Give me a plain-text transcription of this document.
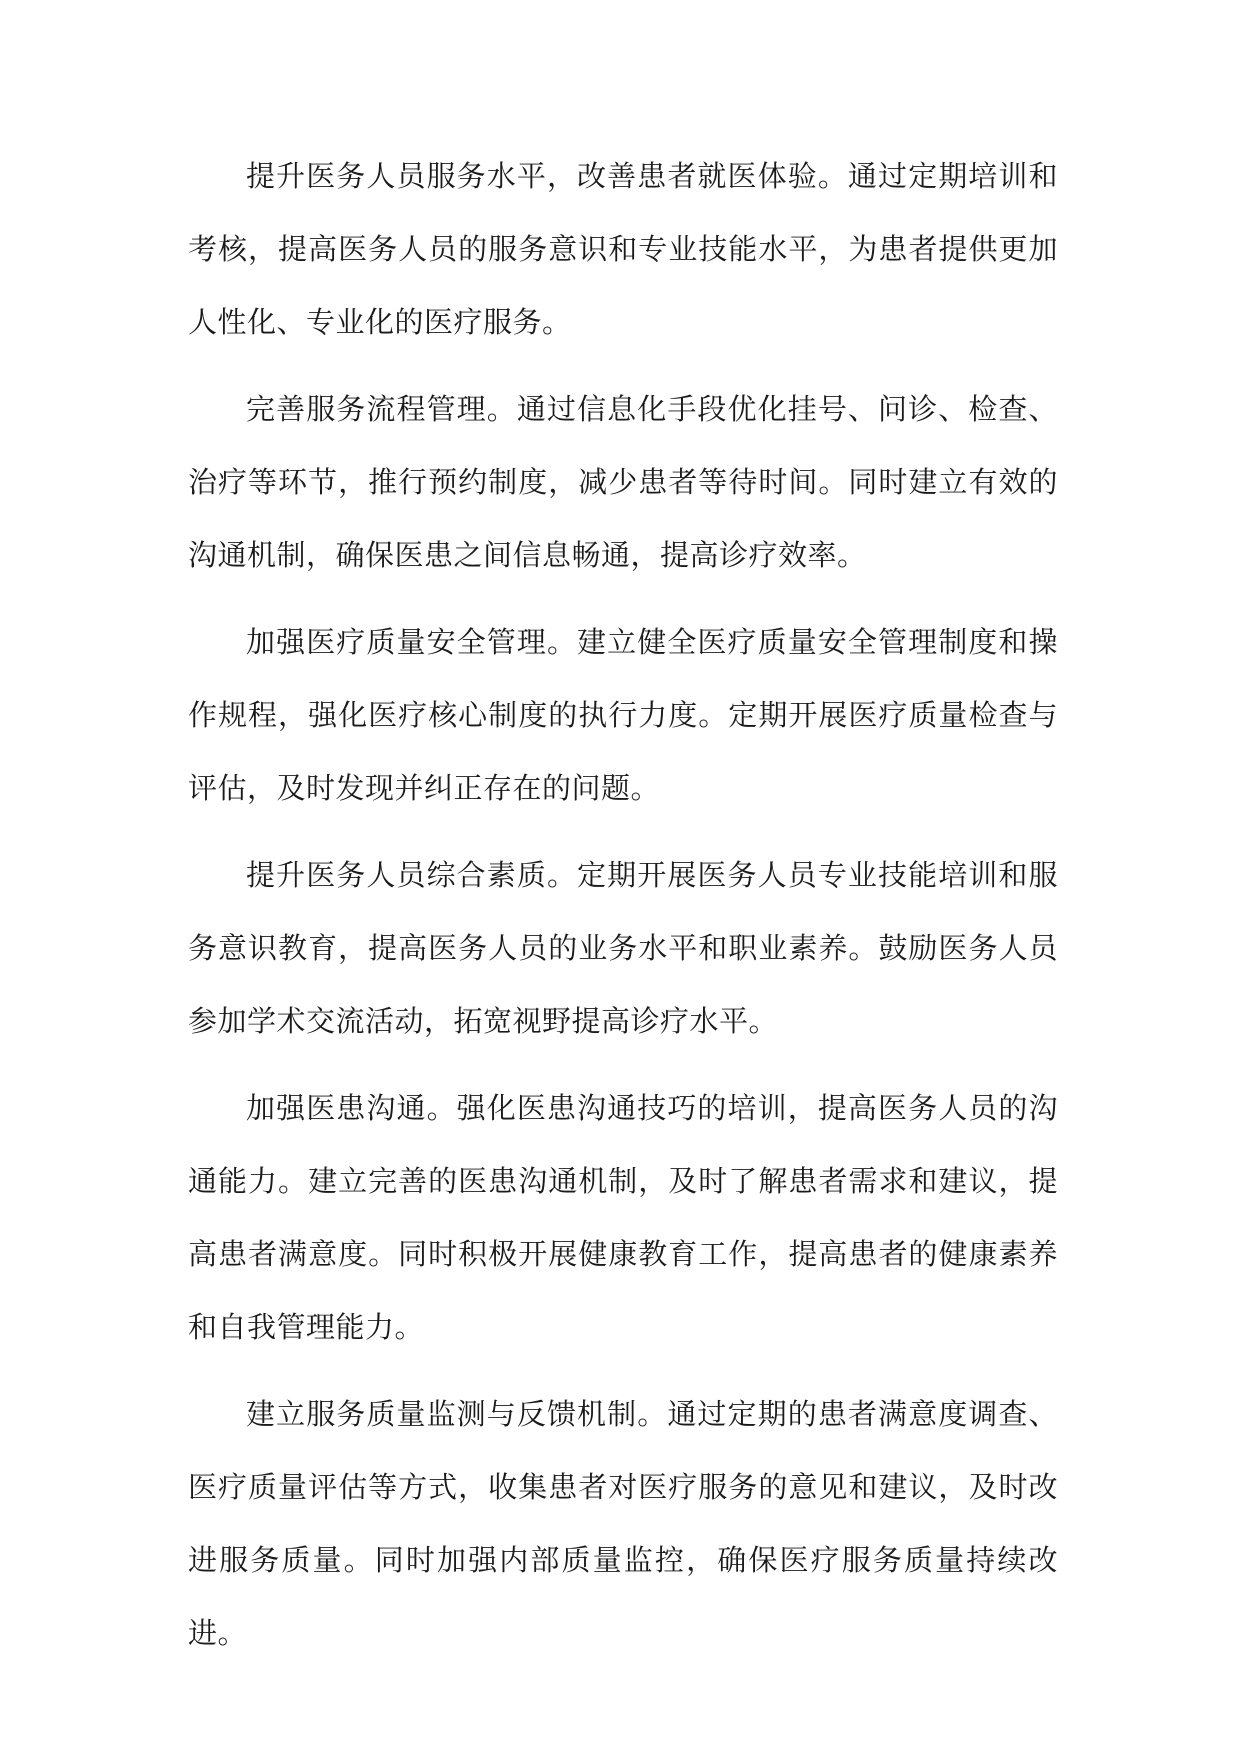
提升医务人员服务水平，改善患者就医体验。通过定期培训和考核，提高医务人员的服务意识和专业技能水平，为患者提供更加人性化、专业化的医疗服务。

完善服务流程管理。通过信息化手段优化挂号、问诊、检查、治疗等环节，推行预约制度，减少患者等待时间。同时建立有效的沟通机制，确保医患之间信息畅通，提高诊疗效率。

加强医疗质量安全管理。建立健全医疗质量安全管理制度和操作规程，强化医疗核心制度的执行力度。定期开展医疗质量检查与评估，及时发现并纠正存在的问题。

提升医务人员综合素质。定期开展医务人员专业技能培训和服务意识教育，提高医务人员的业务水平和职业素养。鼓励医务人员参加学术交流活动，拓宽视野提高诊疗水平。

加强医患沟通。强化医患沟通技巧的培训，提高医务人员的沟通能力。建立完善的医患沟通机制，及时了解患者需求和建议，提高患者满意度。同时积极开展健康教育工作，提高患者的健康素养和自我管理能力。

建立服务质量监测与反馈机制。通过定期的患者满意度调查、医疗质量评估等方式，收集患者对医疗服务的意见和建议，及时改进服务质量。同时加强内部质量监控，确保医疗服务质量持续改进。
